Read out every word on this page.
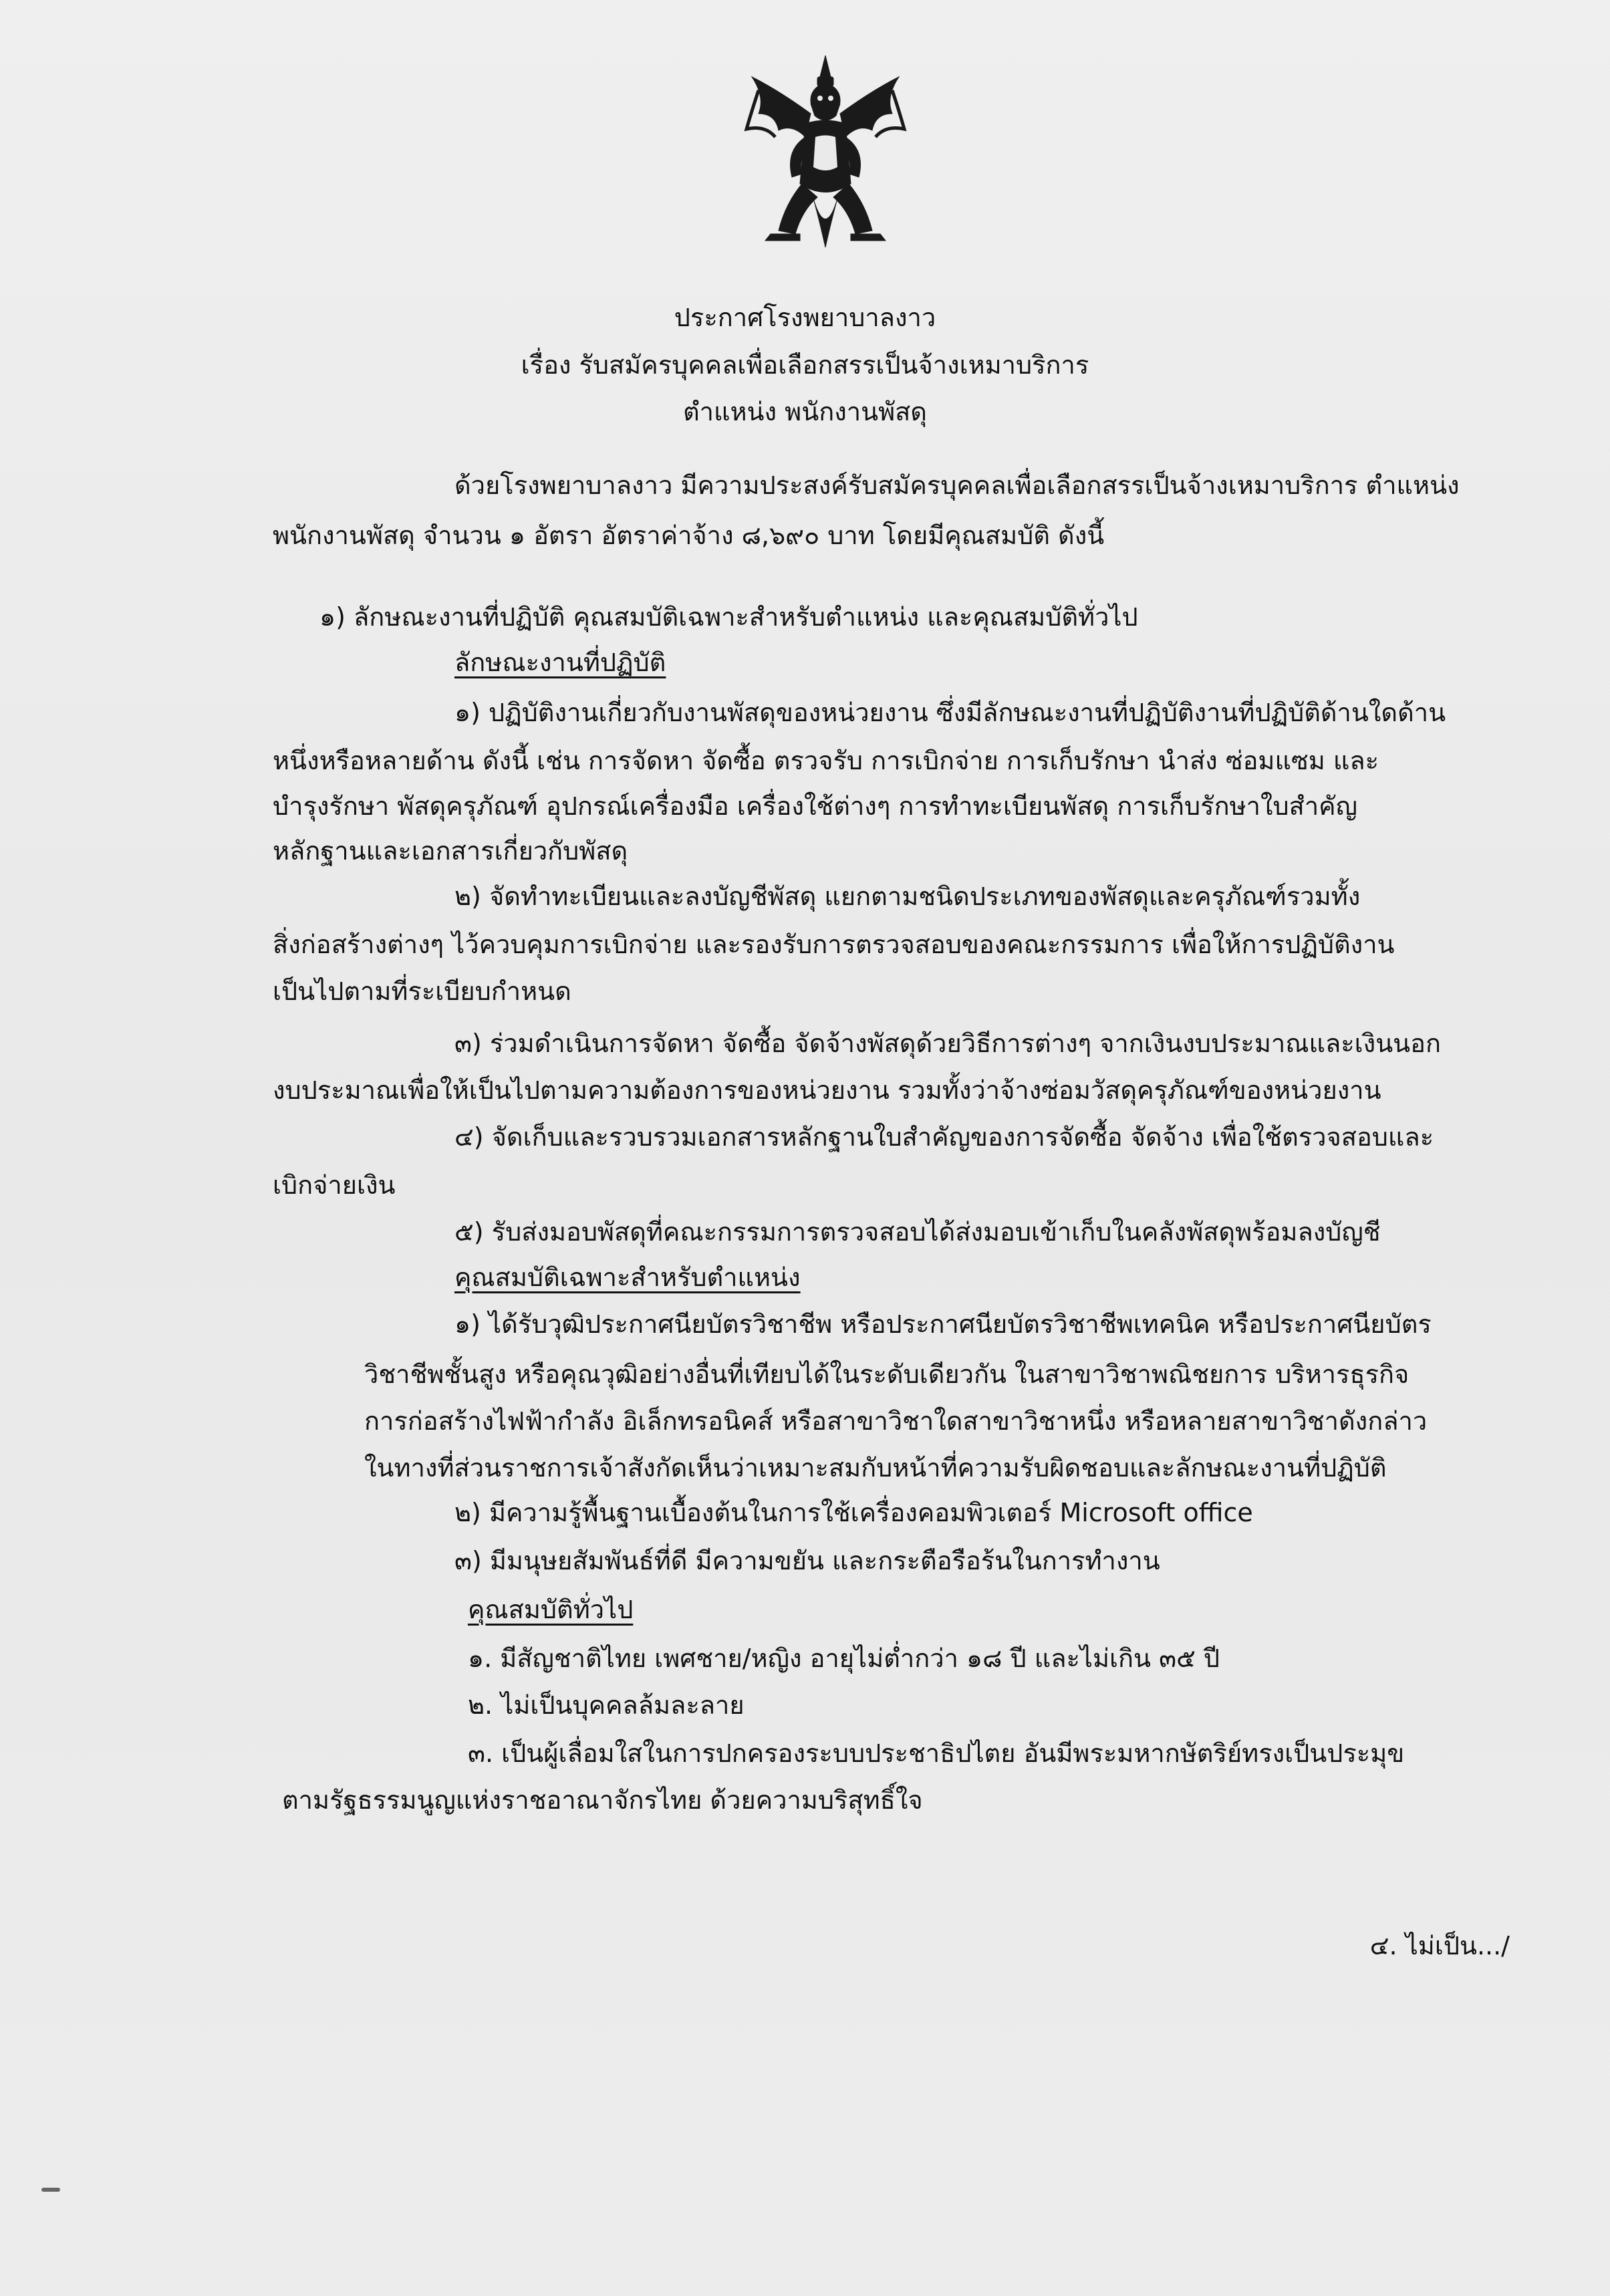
ประกาศโรงพยาบาลงาว
เรื่อง รับสมัครบุคคลเพื่อเลือกสรรเป็นจ้างเหมาบริการ
ตำแหน่ง พนักงานพัสดุ
ด้วยโรงพยาบาลงาว มีความประสงค์รับสมัครบุคคลเพื่อเลือกสรรเป็นจ้างเหมาบริการ ตำแหน่ง
พนักงานพัสดุ จำนวน ๑ อัตรา อัตราค่าจ้าง ๘,๖๙๐ บาท โดยมีคุณสมบัติ ดังนี้
๑) ลักษณะงานที่ปฏิบัติ คุณสมบัติเฉพาะสำหรับตำแหน่ง และคุณสมบัติทั่วไป
ลักษณะงานที่ปฏิบัติ
๑) ปฏิบัติงานเกี่ยวกับงานพัสดุของหน่วยงาน ซึ่งมีลักษณะงานที่ปฏิบัติงานที่ปฏิบัติด้านใดด้าน
หนึ่งหรือหลายด้าน ดังนี้ เช่น การจัดหา จัดซื้อ ตรวจรับ การเบิกจ่าย การเก็บรักษา นำส่ง ซ่อมแซม และ
บำรุงรักษา พัสดุครุภัณฑ์ อุปกรณ์เครื่องมือ เครื่องใช้ต่างๆ การทำทะเบียนพัสดุ การเก็บรักษาใบสำคัญ
หลักฐานและเอกสารเกี่ยวกับพัสดุ
๒) จัดทำทะเบียนและลงบัญชีพัสดุ แยกตามชนิดประเภทของพัสดุและครุภัณฑ์รวมทั้ง
สิ่งก่อสร้างต่างๆ ไว้ควบคุมการเบิกจ่าย และรองรับการตรวจสอบของคณะกรรมการ เพื่อให้การปฏิบัติงาน
เป็นไปตามที่ระเบียบกำหนด
๓) ร่วมดำเนินการจัดหา จัดซื้อ จัดจ้างพัสดุด้วยวิธีการต่างๆ จากเงินงบประมาณและเงินนอก
งบประมาณเพื่อให้เป็นไปตามความต้องการของหน่วยงาน รวมทั้งว่าจ้างซ่อมวัสดุครุภัณฑ์ของหน่วยงาน
๔) จัดเก็บและรวบรวมเอกสารหลักฐานใบสำคัญของการจัดซื้อ จัดจ้าง เพื่อใช้ตรวจสอบและ
เบิกจ่ายเงิน
๕) รับส่งมอบพัสดุที่คณะกรรมการตรวจสอบได้ส่งมอบเข้าเก็บในคลังพัสดุพร้อมลงบัญชี
คุณสมบัติเฉพาะสำหรับตำแหน่ง
๑) ได้รับวุฒิประกาศนียบัตรวิชาชีพ หรือประกาศนียบัตรวิชาชีพเทคนิค หรือประกาศนียบัตร
วิชาชีพชั้นสูง หรือคุณวุฒิอย่างอื่นที่เทียบได้ในระดับเดียวกัน ในสาขาวิชาพณิชยการ บริหารธุรกิจ
การก่อสร้างไฟฟ้ากำลัง อิเล็กทรอนิคส์ หรือสาขาวิชาใดสาขาวิชาหนึ่ง หรือหลายสาขาวิชาดังกล่าว
ในทางที่ส่วนราชการเจ้าสังกัดเห็นว่าเหมาะสมกับหน้าที่ความรับผิดชอบและลักษณะงานที่ปฏิบัติ
๒) มีความรู้พื้นฐานเบื้องต้นในการใช้เครื่องคอมพิวเตอร์ Microsoft office
๓) มีมนุษยสัมพันธ์ที่ดี มีความขยัน และกระตือรือร้นในการทำงาน
คุณสมบัติทั่วไป
๑. มีสัญชาติไทย เพศชาย/หญิง อายุไม่ต่ำกว่า ๑๘ ปี และไม่เกิน ๓๕ ปี
๒. ไม่เป็นบุคคลล้มละลาย
๓. เป็นผู้เลื่อมใสในการปกครองระบบประชาธิปไตย อันมีพระมหากษัตริย์ทรงเป็นประมุข
ตามรัฐธรรมนูญแห่งราชอาณาจักรไทย ด้วยความบริสุทธิ์ใจ
๔. ไม่เป็น.../
